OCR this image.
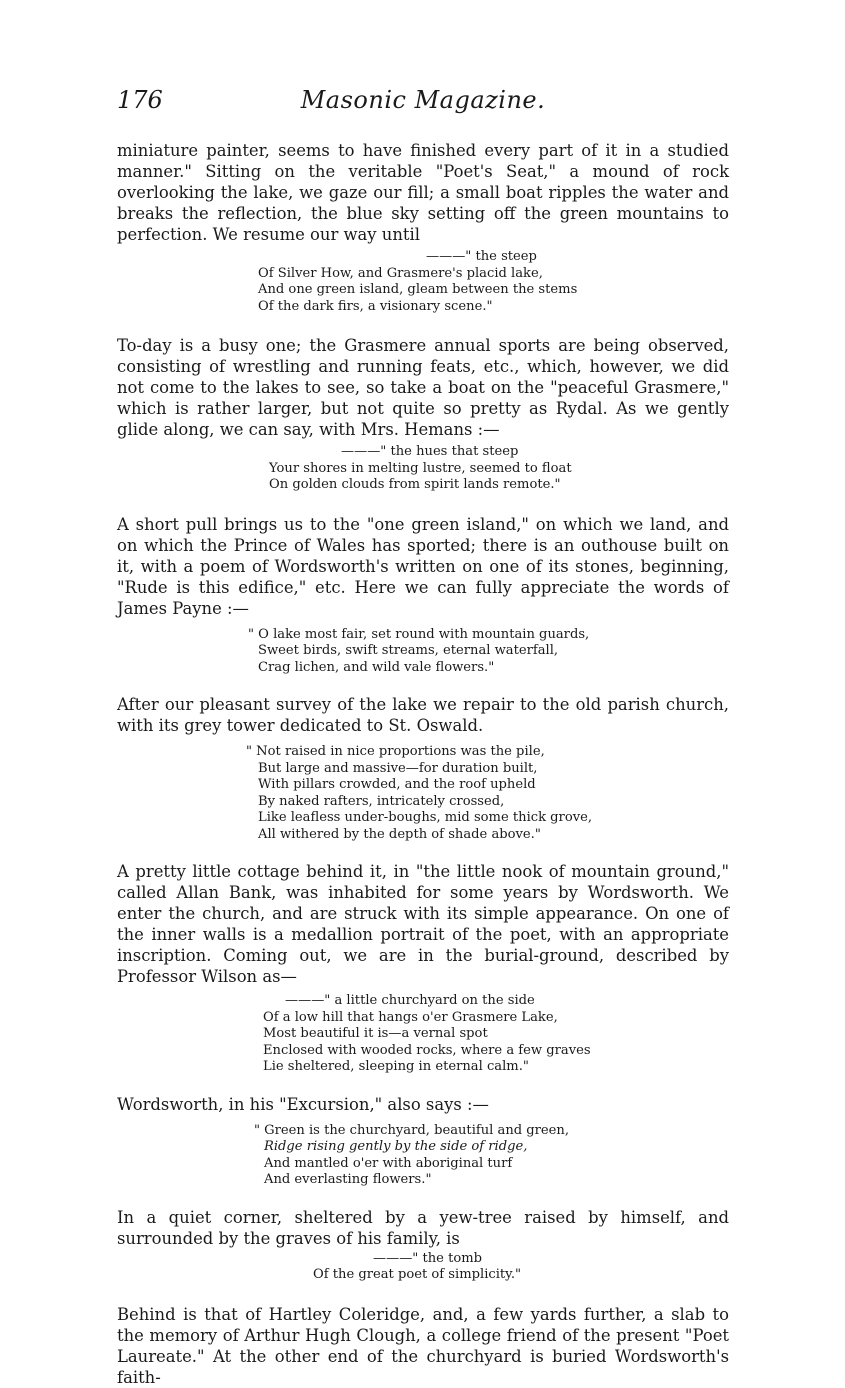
176	Masonic Magazine.

miniature painter, seems to have finished every part of it in a studied manner." Sitting on the veritable "Poet's Seat," a mound of rock overlooking the lake, we gaze our fill; a small boat ripples the water and breaks the reflection, the blue sky setting off the green mountains to perfection. We resume our way until

———" the steep
Of Silver How, and Grasmere's placid lake,
And one green island, gleam between the stems
Of the dark firs, a visionary scene."

To-day is a busy one; the Grasmere annual sports are being observed, consisting of wrestling and running feats, etc., which, however, we did not come to the lakes to see, so take a boat on the "peaceful Grasmere," which is rather larger, but not quite so pretty as Rydal. As we gently glide along, we can say, with Mrs. Hemans :—

———" the hues that steep
Your shores in melting lustre, seemed to float
On golden clouds from spirit lands remote."

A short pull brings us to the "one green island," on which we land, and on which the Prince of Wales has sported; there is an outhouse built on it, with a poem of Wordsworth's written on one of its stones, beginning, "Rude is this edifice," etc. Here we can fully appreciate the words of James Payne :—

" O lake most fair, set round with mountain guards,
Sweet birds, swift streams, eternal waterfall,
Crag lichen, and wild vale flowers."

After our pleasant survey of the lake we repair to the old parish church, with its grey tower dedicated to St. Oswald.

" Not raised in nice proportions was the pile,
But large and massive—for duration built,
With pillars crowded, and the roof upheld
By naked rafters, intricately crossed,
Like leafless under-boughs, mid some thick grove,
All withered by the depth of shade above."

A pretty little cottage behind it, in "the little nook of mountain ground," called Allan Bank, was inhabited for some years by Wordsworth. We enter the church, and are struck with its simple appearance. On one of the inner walls is a medallion portrait of the poet, with an appropriate inscription. Coming out, we are in the burial-ground, described by Professor Wilson as—

———" a little churchyard on the side
Of a low hill that hangs o'er Grasmere Lake,
Most beautiful it is—a vernal spot
Enclosed with wooded rocks, where a few graves
Lie sheltered, sleeping in eternal calm."

Wordsworth, in his "Excursion," also says :—

" Green is the churchyard, beautiful and green,
Ridge rising gently by the side of ridge,
And mantled o'er with aboriginal turf
And everlasting flowers."

In a quiet corner, sheltered by a yew-tree raised by himself, and surrounded by the graves of his family, is

———" the tomb
Of the great poet of simplicity."

Behind is that of Hartley Coleridge, and, a few yards further, a slab to the memory of Arthur Hugh Clough, a college friend of the present "Poet Laureate." At the other end of the churchyard is buried Wordsworth's faith-
